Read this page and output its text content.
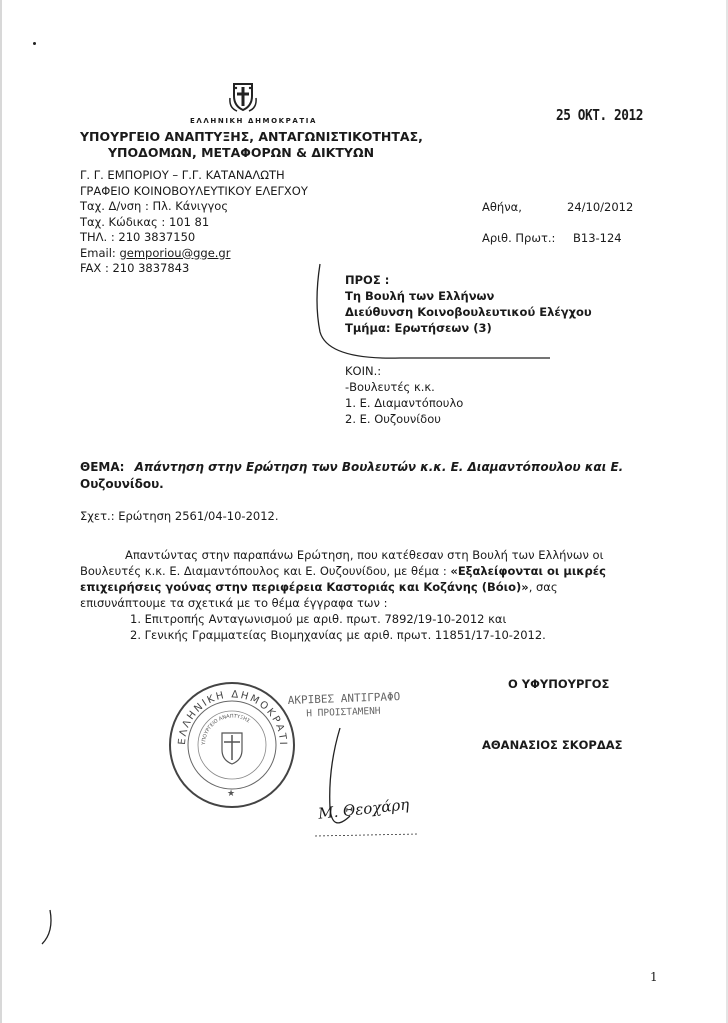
ΕΛΛΗΝΙΚΗ ΔΗΜΟΚΡΑΤΙΑ
ΥΠΟΥΡΓΕΙΟ ΑΝΑΠΤΥΞΗΣ, ΑΝΤΑΓΩΝΙΣΤΙΚΟΤΗΤΑΣ,
ΥΠΟΔΟΜΩΝ, ΜΕΤΑΦΟΡΩΝ & ΔΙΚΤΥΩΝ
25 ΟΚΤ. 2012
Γ. Γ. ΕΜΠΟΡΙΟΥ – Γ.Γ. ΚΑΤΑΝΑΛΩΤΗ
ΓΡΑΦΕΙΟ ΚΟΙΝΟΒΟΥΛΕΥΤΙΚΟΥ ΕΛΕΓΧΟΥ
Ταχ. Δ/νση : Πλ. Κάνιγγος
Ταχ. Κώδικας : 101 81
ΤΗΛ. : 210 3837150
Email: gemporiou@gge.gr
FAX : 210 3837843
Αθήνα,	24/10/2012
Αριθ. Πρωτ.: B13-124
ΠΡΟΣ :
Τη Βουλή των Ελλήνων
Διεύθυνση Κοινοβουλευτικού Ελέγχου
Τμήμα: Ερωτήσεων (3)
ΚΟΙΝ.:
-Βουλευτές κ.κ.
1. Ε. Διαμαντόπουλο
2. Ε. Ουζουνίδου
ΘΕΜΑ: Απάντηση στην Ερώτηση των Βουλευτών κ.κ. Ε. Διαμαντόπουλου και Ε.
Ουζουνίδου.
Σχετ.: Ερώτηση 2561/04-10-2012.
Απαντώντας στην παραπάνω Ερώτηση, που κατέθεσαν στη Βουλή των Ελλήνων οι
Βουλευτές κ.κ. Ε. Διαμαντόπουλος και Ε. Ουζουνίδου, με θέμα : «Εξαλείφονται οι μικρές
επιχειρήσεις γούνας στην περιφέρεια Καστοριάς και Κοζάνης (Βόιο)», σας
επισυνάπτουμε τα σχετικά με το θέμα έγγραφα των :
1. Επιτροπής Ανταγωνισμού με αριθ. πρωτ. 7892/19-10-2012 και
2. Γενικής Γραμματείας Βιομηχανίας με αριθ. πρωτ. 11851/17-10-2012.
Ο ΥΦΥΠΟΥΡΓΟΣ
ΑΘΑΝΑΣΙΟΣ ΣΚΟΡΔΑΣ
ΕΛΛΗΝΙΚΗ ΔΗΜΟΚΡΑΤΙ
ΥΠΟΥΡΓΕΙΟ ΑΝΑΠΤΥΞΗΣ
★
ΑΚΡΙΒΕΣ ΑΝΤΙΓΡΑΦΟ
Η ΠΡΟΙΣΤΑΜΕΝΗ
Μ. Θεοχάρη
1
